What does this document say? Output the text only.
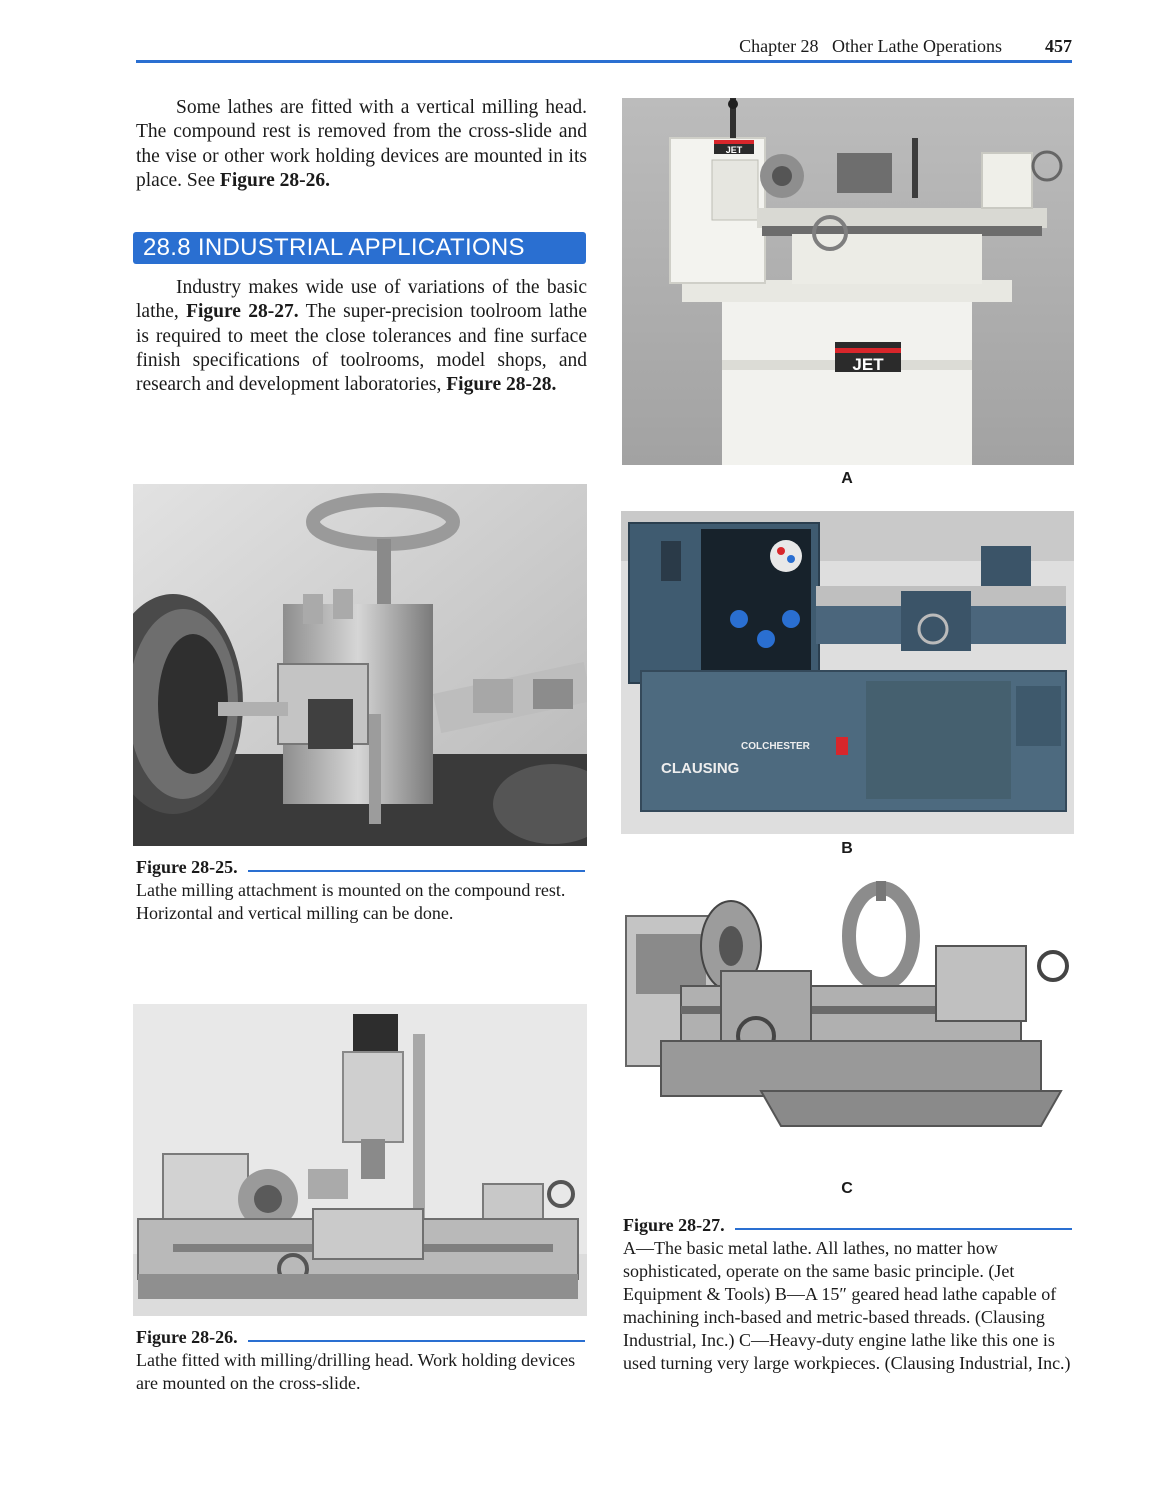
Chapter 28   Other Lathe Operations 457

Some lathes are fitted with a vertical milling head. The compound rest is removed from the cross-slide and the vise or other work holding devices are mounted in its place. See Figure 28-26.

28.8 INDUSTRIAL APPLICATIONS

Industry makes wide use of variations of the basic lathe, Figure 28-27. The super-precision toolroom lathe is required to meet the close tolerances and fine surface finish specifications of toolrooms, model shops, and research and development laboratories, Figure 28-28.

Figure 28-25.

Lathe milling attachment is mounted on the compound rest. Horizontal and vertical milling can be done.

Figure 28-26.

Lathe fitted with milling/drilling head. Work holding devices are mounted on the cross-slide.

JET
JET
A
CLAUSING
COLCHESTER
B
C
Figure 28-27.

A—The basic metal lathe. All lathes, no matter how sophisticated, operate on the same basic principle. (Jet Equipment & Tools) B—A 15″ geared head lathe capable of machining inch-based and metric-based threads. (Clausing Industrial, Inc.) C—Heavy-duty engine lathe like this one is used turning very large workpieces. (Clausing Industrial, Inc.)
